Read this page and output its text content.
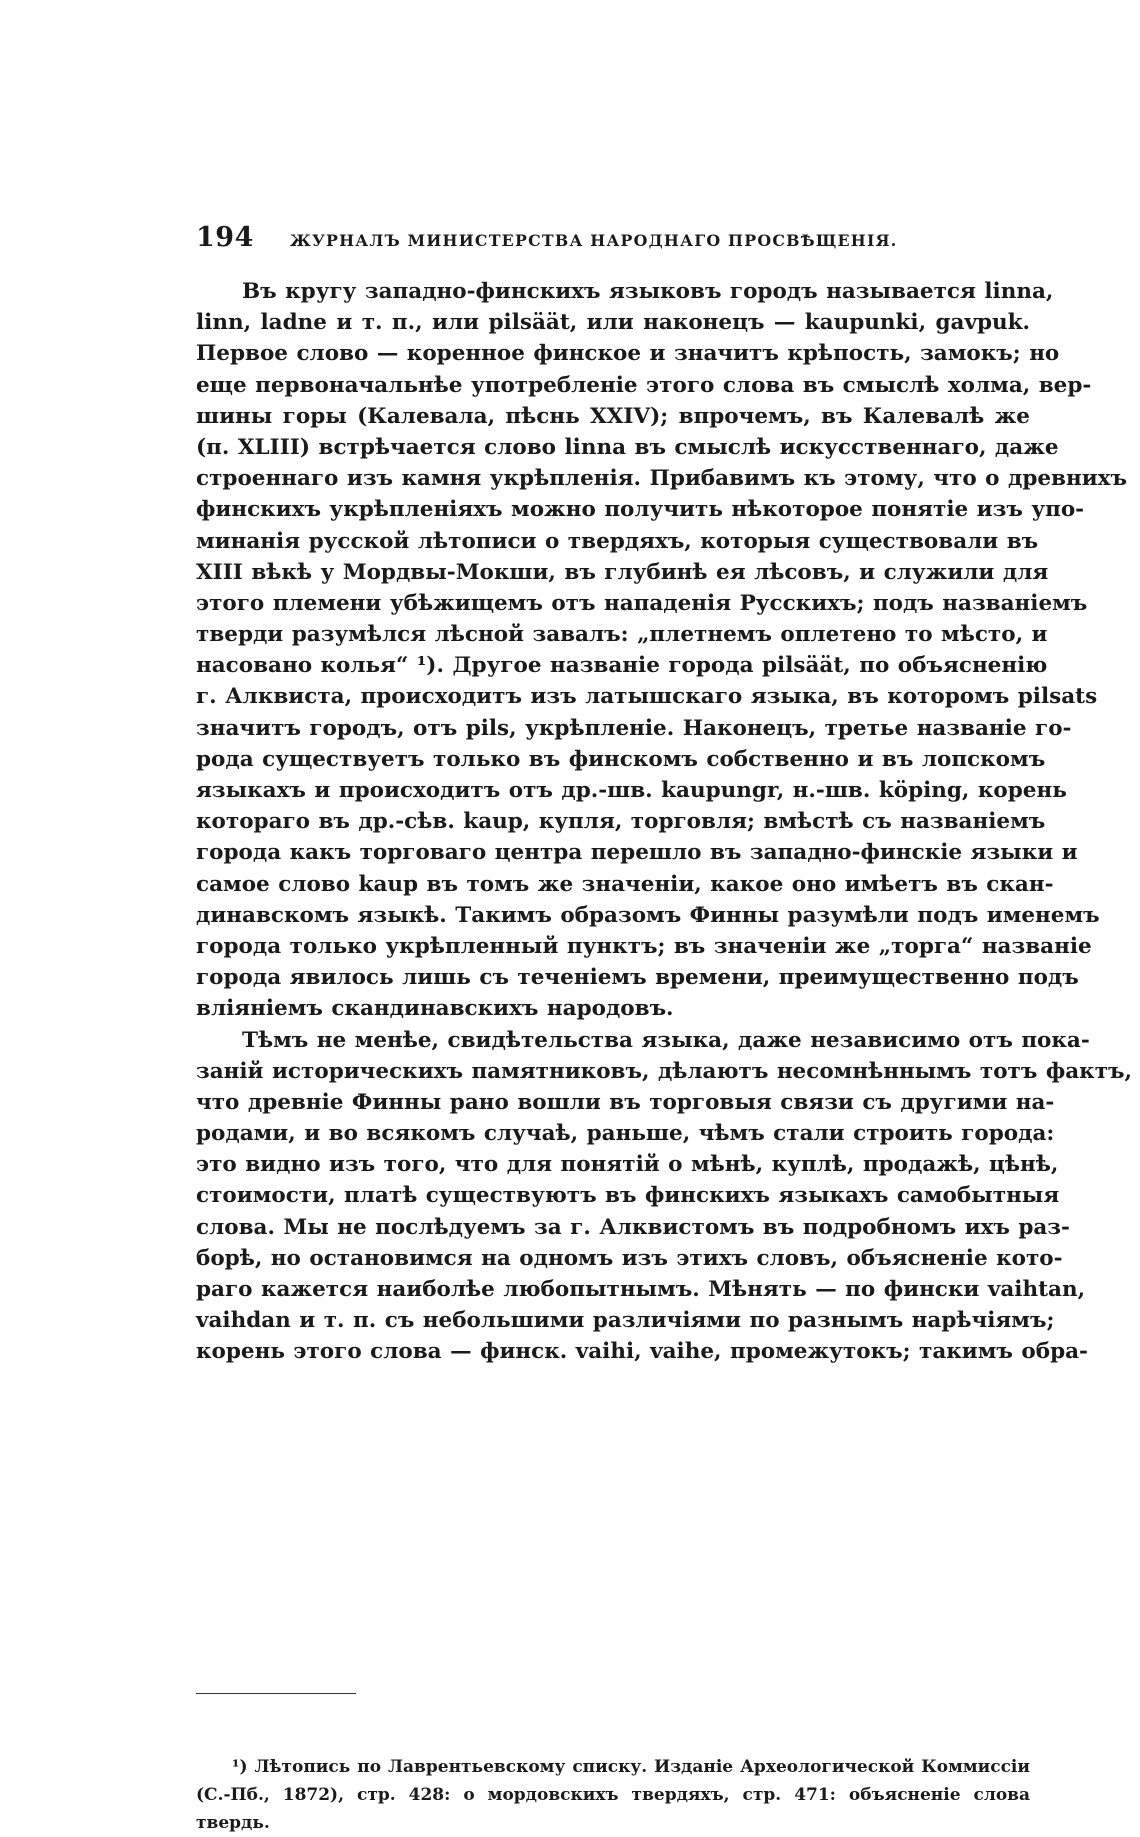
194	ЖУРНАЛЪ МИНИСТЕРСТВА НАРОДНАГО ПРОСВѢЩЕНІЯ.
Въ кругу западно-финскихъ языковъ городъ называется linna,
linn, ladne и т. п., или pilsäät, или наконецъ — kaupunki, gavpuk.
Первое слово — коренное финское и значитъ крѣпость, замокъ; но
еще первоначальнѣе употребленіе этого слова въ смыслѣ холма, вер-
шины горы (Калевала, пѣснь XXIV); впрочемъ, въ Калевалѣ же
(п. XLIII) встрѣчается слово linna въ смыслѣ искусственнаго, даже
строеннаго изъ камня укрѣпленія. Прибавимъ къ этому, что о древнихъ
финскихъ укрѣпленіяхъ можно получить нѣкоторое понятіе изъ упо-
минанія русской лѣтописи о твердяхъ, которыя существовали въ
XIII вѣкѣ у Мордвы-Мокши, въ глубинѣ ея лѣсовъ, и служили для
этого племени убѣжищемъ отъ нападенія Русскихъ; подъ названіемъ
тверди разумѣлся лѣсной завалъ: „плетнемъ оплетено то мѣсто, и
насовано колья“ ¹). Другое названіе города pilsäät, по объясненію
г. Алквиста, происходитъ изъ латышскаго языка, въ которомъ pilsats
значитъ городъ, отъ pils, укрѣпленіе. Наконецъ, третье названіе го-
рода существуетъ только въ финскомъ собственно и въ лопскомъ
языкахъ и происходитъ отъ др.-шв. kaupungr, н.-шв. köping, корень
котораго въ др.-сѣв. kaup, купля, торговля; вмѣстѣ съ названіемъ
города какъ торговаго центра перешло въ западно-финскіе языки и
самое слово kaup въ томъ же значеніи, какое оно имѣетъ въ скан-
динавскомъ языкѣ. Такимъ образомъ Финны разумѣли подъ именемъ
города только укрѣпленный пунктъ; въ значеніи же „торга“ названіе
города явилось лишь съ теченіемъ времени, преимущественно подъ
вліяніемъ скандинавскихъ народовъ.
Тѣмъ не менѣе, свидѣтельства языка, даже независимо отъ пока-
заній историческихъ памятниковъ, дѣлаютъ несомнѣннымъ тотъ фактъ,
что древніе Финны рано вошли въ торговыя связи съ другими на-
родами, и во всякомъ случаѣ, раньше, чѣмъ стали строить города:
это видно изъ того, что для понятій о мѣнѣ, куплѣ, продажѣ, цѣнѣ,
стоимости, платѣ существуютъ въ финскихъ языкахъ самобытныя
слова. Мы не послѣдуемъ за г. Алквистомъ въ подробномъ ихъ раз-
борѣ, но остановимся на одномъ изъ этихъ словъ, объясненіе кото-
раго кажется наиболѣе любопытнымъ. Мѣнять — по фински vaihtan,
vaihdan и т. п. съ небольшими различіями по разнымъ нарѣчіямъ;
корень этого слова — финск. vaihi, vaihe, промежутокъ; такимъ обра-
¹) Лѣтопись по Лаврентьевскому списку. Изданіе Археологической Коммиссіи
(С.-Пб., 1872), стр. 428: о мордовскихъ твердяхъ, стр. 471: объясненіе слова
твердь.
